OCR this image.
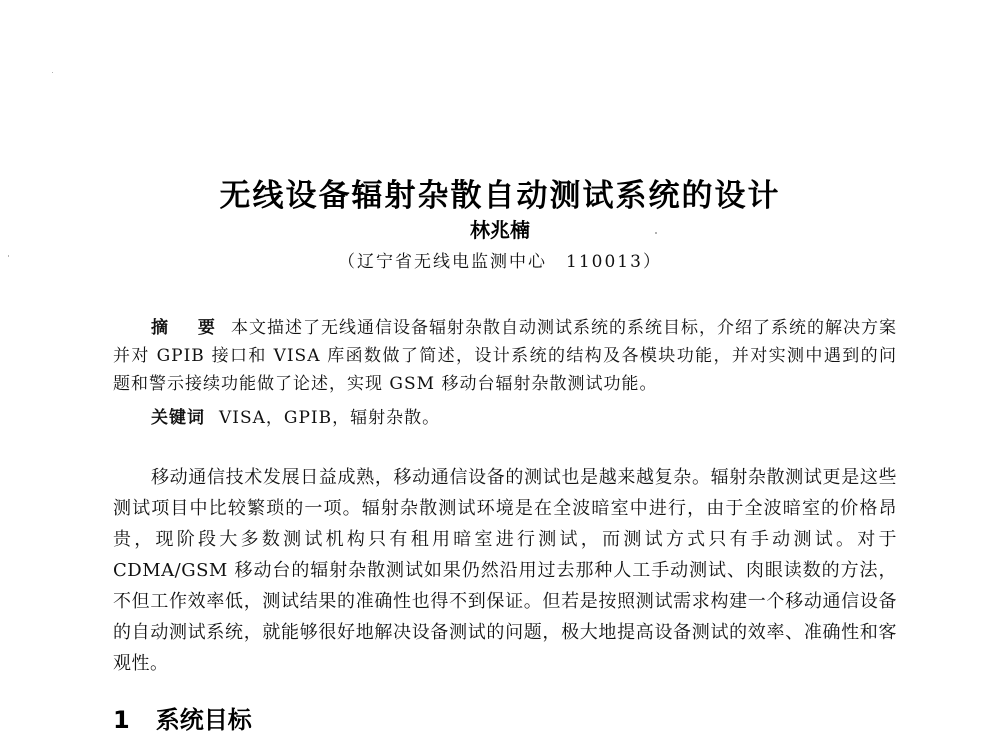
无线设备辐射杂散自动测试系统的设计
林兆楠
（辽宁省无线电监测中心　110013）
摘 要 本文描述了无线通信设备辐射杂散自动测试系统的系统目标，介绍了系统的解决方案并对 GPIB 接口和 VISA 库函数做了简述，设计系统的结构及各模块功能，并对实测中遇到的问题和警示接续功能做了论述，实现 GSM 移动台辐射杂散测试功能。
关键词 VISA，GPIB，辐射杂散。
移动通信技术发展日益成熟，移动通信设备的测试也是越来越复杂。辐射杂散测试更是这些测试项目中比较繁琐的一项。辐射杂散测试环境是在全波暗室中进行，由于全波暗室的价格昂贵，现阶段大多数测试机构只有租用暗室进行测试，而测试方式只有手动测试。对于 CDMA/GSM 移动台的辐射杂散测试如果仍然沿用过去那种人工手动测试、肉眼读数的方法，不但工作效率低，测试结果的准确性也得不到保证。但若是按照测试需求构建一个移动通信设备的自动测试系统，就能够很好地解决设备测试的问题，极大地提高设备测试的效率、准确性和客观性。
1 系统目标
